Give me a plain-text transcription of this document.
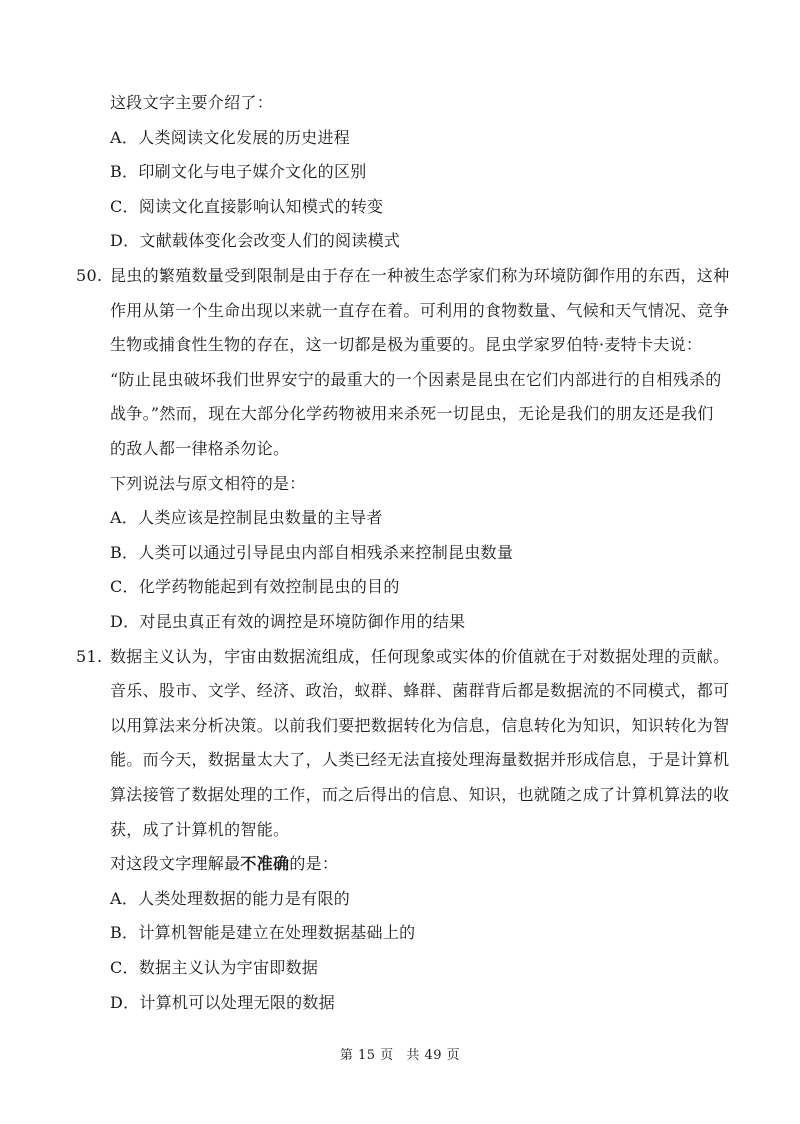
这段文字主要介绍了：
A．人类阅读文化发展的历史进程
B．印刷文化与电子媒介文化的区别
C．阅读文化直接影响认知模式的转变
D．文献载体变化会改变人们的阅读模式
50. 昆虫的繁殖数量受到限制是由于存在一种被生态学家们称为环境防御作用的东西，这种
作用从第一个生命出现以来就一直存在着。可利用的食物数量、气候和天气情况、竞争
生物或捕食性生物的存在，这一切都是极为重要的。昆虫学家罗伯特·麦特卡夫说：
“防止昆虫破坏我们世界安宁的最重大的一个因素是昆虫在它们内部进行的自相残杀的
战争。”然而，现在大部分化学药物被用来杀死一切昆虫，无论是我们的朋友还是我们
的敌人都一律格杀勿论。
下列说法与原文相符的是：
A．人类应该是控制昆虫数量的主导者
B．人类可以通过引导昆虫内部自相残杀来控制昆虫数量
C．化学药物能起到有效控制昆虫的目的
D．对昆虫真正有效的调控是环境防御作用的结果
51. 数据主义认为，宇宙由数据流组成，任何现象或实体的价值就在于对数据处理的贡献。
音乐、股市、文学、经济、政治，蚁群、蜂群、菌群背后都是数据流的不同模式，都可
以用算法来分析决策。以前我们要把数据转化为信息，信息转化为知识，知识转化为智
能。而今天，数据量太大了，人类已经无法直接处理海量数据并形成信息，于是计算机
算法接管了数据处理的工作，而之后得出的信息、知识，也就随之成了计算机算法的收
获，成了计算机的智能。
对这段文字理解最不准确的是：
A．人类处理数据的能力是有限的
B．计算机智能是建立在处理数据基础上的
C．数据主义认为宇宙即数据
D．计算机可以处理无限的数据
第 15 页 共 49 页
